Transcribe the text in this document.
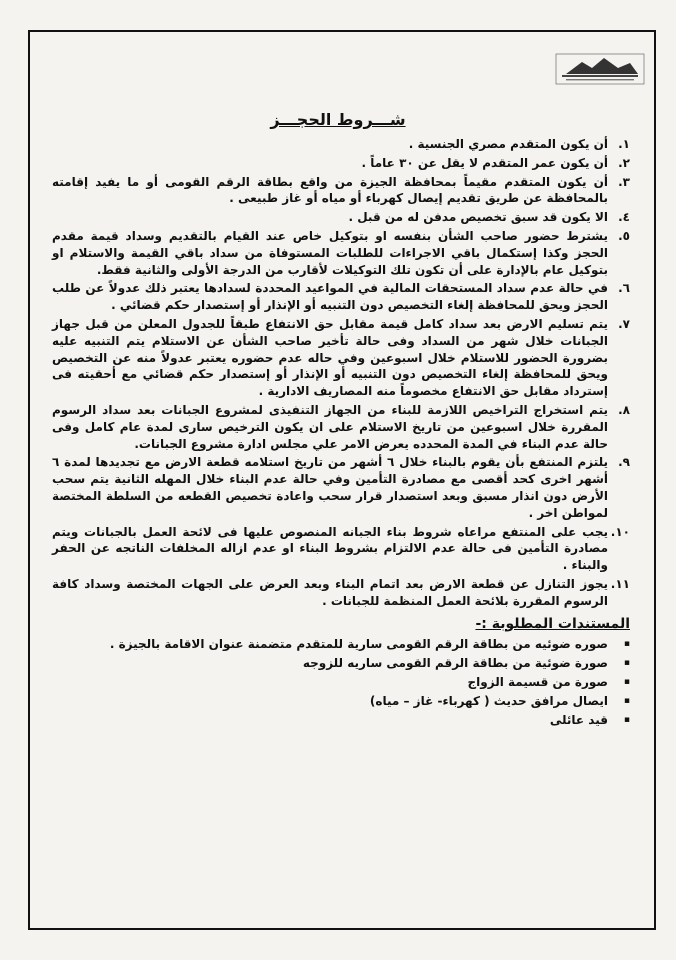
شـــروط الحجـــز
١.
أن يكون المتقدم مصري الجنسية .
٢.
أن يكون عمر المتقدم لا يقل عن ٣٠ عاماً .
٣.
أن يكون المتقدم مقيماً بمحافظة الجيزة من واقع بطاقة الرقم القومى أو ما يفيد إقامته بالمحافظة عن طريق تقديم إيصال كهرباء أو مياه أو غاز طبيعى .
٤.
الا يكون قد سبق تخصيص مدفن له من قبل .
٥.
يشترط حضور صاحب الشأن بنفسه او بتوكيل خاص عند القيام بالتقديم وسداد قيمة مقدم الحجز وكذا إستكمال باقي الاجراءات للطلبات المستوفاة من سداد باقي القيمة والاستلام او بتوكيل عام بالإدارة على أن تكون تلك التوكيلات لأقارب من الدرجة الأولى والثانية فقط.
٦.
في حالة عدم سداد المستحقات المالية في المواعيد المحددة لسدادها يعتبر ذلك عدولاً عن طلب الحجز ويحق للمحافظة إلغاء التخصيص دون التنبيه أو الإنذار أو إستصدار حكم قضائي .
٧.
يتم تسليم الارض بعد سداد كامل قيمة مقابل حق الانتفاع طبقاً للجدول المعلن من قبل جهاز الجبانات خلال شهر من السداد وفى حالة تأخير صاحب الشأن عن الاستلام يتم التنبيه عليه بضرورة الحضور للاستلام خلال اسبوعين وفي حاله عدم حضوره يعتبر عدولاً منه عن التخصيص ويحق للمحافظة إلغاء التخصيص دون التنبيه أو الإنذار أو إستصدار حكم قضائي مع أحقيته فى إسترداد مقابل حق الانتفاع مخصوماً منه المصاريف الادارية .
٨.
يتم استخراج التراخيص اللازمة للبناء من الجهاز التنفيذى لمشروع الجبانات بعد سداد الرسوم المقررة خلال اسبوعين من تاريخ الاستلام على ان يكون الترخيص سارى لمدة عام كامل وفى حالة عدم البناء في المدة المحدده يعرض الامر علي مجلس ادارة مشروع الجبانات.
٩.
يلتزم المنتفع بأن يقوم بالبناء خلال ٦ أشهر من تاريخ استلامه قطعة الارض مع تجديدها لمدة ٦ أشهر اخرى كحد أقصى مع مصادرة التأمين وفي حالة عدم البناء خلال المهله الثانية يتم سحب الأرض دون انذار مسبق وبعد استصدار قرار سحب واعادة تخصيص القطعه من السلطة المختصة لمواطن اخر .
١٠.
يجب على المنتفع مراعاه شروط بناء الجبانه المنصوص عليها فى لائحة العمل بالجبانات ويتم مصادرة التأمين فى حالة عدم الالتزام بشروط البناء او عدم ازاله المخلفات الناتجه عن الحفر والبناء .
١١.
يجوز التنازل عن قطعة الارض بعد اتمام البناء وبعد العرض على الجهات المختصة وسداد كافة الرسوم المقررة بلائحة العمل المنظمة للجبانات .
المستندات المطلوبة :-
▪
صوره ضوئيه من بطاقة الرقم القومى سارية للمتقدم متضمنة عنوان الاقامة بالجيزة .
▪
صورة ضوئية من بطاقة الرقم القومى ساريه للزوجه
▪
صورة من قسيمة الزواج
▪
ايصال مرافق حديث ( كهرباء- غاز – مياه)
▪
قيد عائلى
